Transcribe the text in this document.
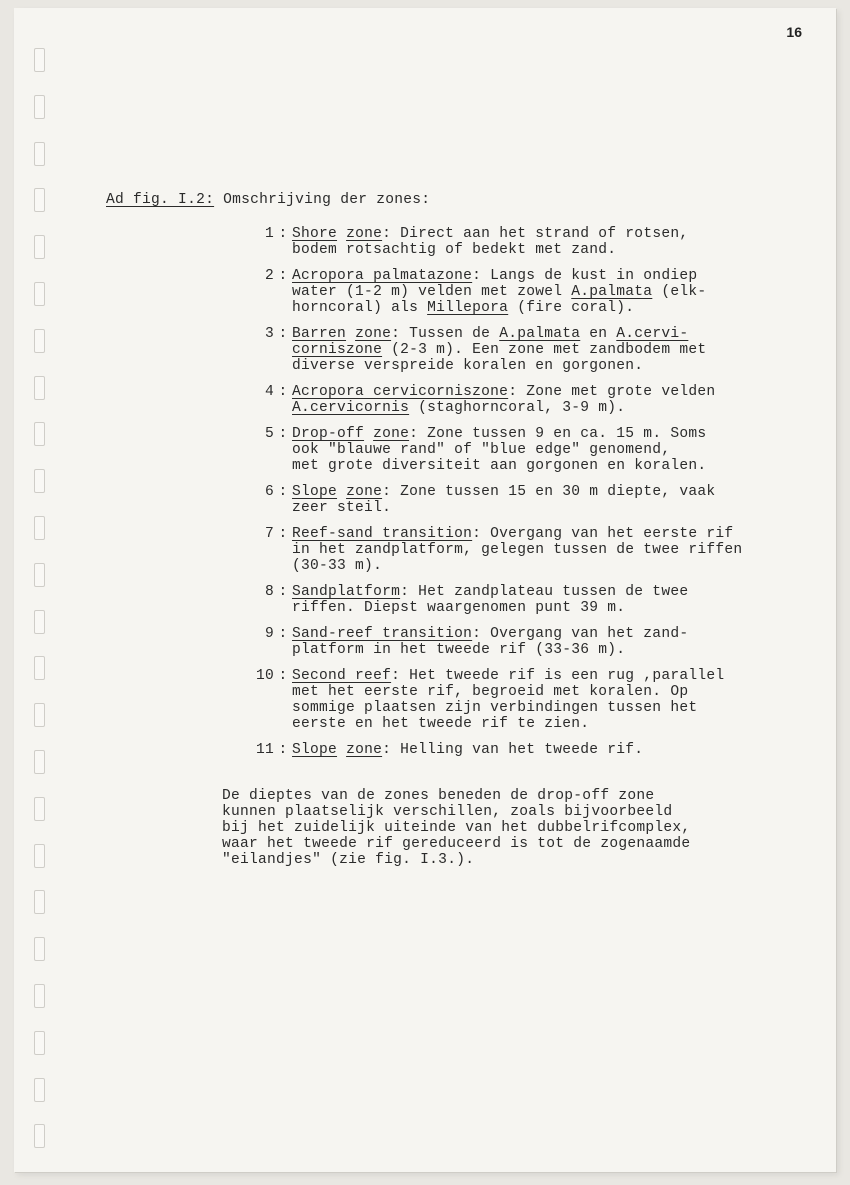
16
Ad fig. I.2: Omschrijving der zones:
1 : Shore zone: Direct aan het strand of rotsen,
bodem rotsachtig of bedekt met zand.
2 : Acropora palmatazone: Langs de kust in ondiep
water (1-2 m) velden met zowel A.palmata (elk-
horncoral) als Millepora (fire coral).
3 : Barren zone: Tussen de A.palmata en A.cervi-
corniszone (2-3 m). Een zone met zandbodem met
diverse verspreide koralen en gorgonen.
4 : Acropora cervicorniszone: Zone met grote velden
A.cervicornis (staghorncoral, 3-9 m).
5 : Drop-off zone: Zone tussen 9 en ca. 15 m. Soms
ook "blauwe rand" of "blue edge" genomend,
met grote diversiteit aan gorgonen en koralen.
6 : Slope zone: Zone tussen 15 en 30 m diepte, vaak
zeer steil.
7 : Reef-sand transition: Overgang van het eerste rif
in het zandplatform, gelegen tussen de twee riffen
(30-33 m).
8 : Sandplatform: Het zandplateau tussen de twee
riffen. Diepst waargenomen punt 39 m.
9 : Sand-reef transition: Overgang van het zand-
platform in het tweede rif (33-36 m).
10 : Second reef: Het tweede rif is een rug ,parallel
met het eerste rif, begroeid met koralen. Op
sommige plaatsen zijn verbindingen tussen het
eerste en het tweede rif te zien.
11 : Slope zone: Helling van het tweede rif.
De dieptes van de zones beneden de drop-off zone
kunnen plaatselijk verschillen, zoals bijvoorbeeld
bij het zuidelijk uiteinde van het dubbelrifcomplex,
waar het tweede rif gereduceerd is tot de zogenaamde
"eilandjes" (zie fig. I.3.).
